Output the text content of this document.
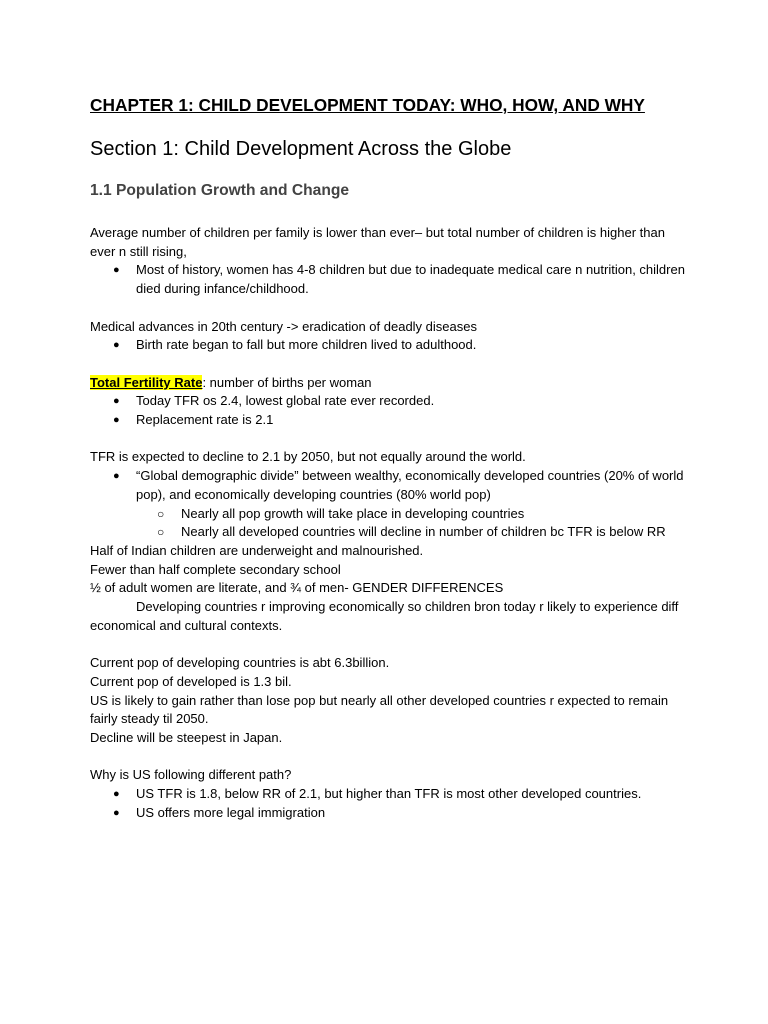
CHAPTER 1: CHILD DEVELOPMENT TODAY: WHO, HOW, AND WHY
Section 1: Child Development Across the Globe
1.1 Population Growth and Change

Average number of children per family is lower than ever– but total number of children is higher than ever n still rising,

● Most of history, women has 4-8 children but due to inadequate medical care n nutrition, children died during infance/childhood.

Medical advances in 20th century -> eradication of deadly diseases

● Birth rate began to fall but more children lived to adulthood.

Total Fertility Rate: number of births per woman

● Today TFR os 2.4, lowest global rate ever recorded.
● Replacement rate is 2.1

TFR is expected to decline to 2.1 by 2050, but not equally around the world.

● “Global demographic divide” between wealthy, economically developed countries (20% of world pop), and economically developing countries (80% world pop)
○ Nearly all pop growth will take place in developing countries
○ Nearly all developed countries will decline in number of children bc TFR is below RR

Half of Indian children are underweight and malnourished.

Fewer than half complete secondary school

½ of adult women are literate, and ¾ of men- GENDER DIFFERENCES

Developing countries r improving economically so children bron today r likely to experience diff economical and cultural contexts.

Current pop of developing countries is abt 6.3billion.

Current pop of developed is 1.3 bil.

US is likely to gain rather than lose pop but nearly all other developed countries r expected to remain fairly steady til 2050.

Decline will be steepest in Japan.

Why is US following different path?

● US TFR is 1.8, below RR of 2.1, but higher than TFR is most other developed countries.
● US offers more legal immigration
